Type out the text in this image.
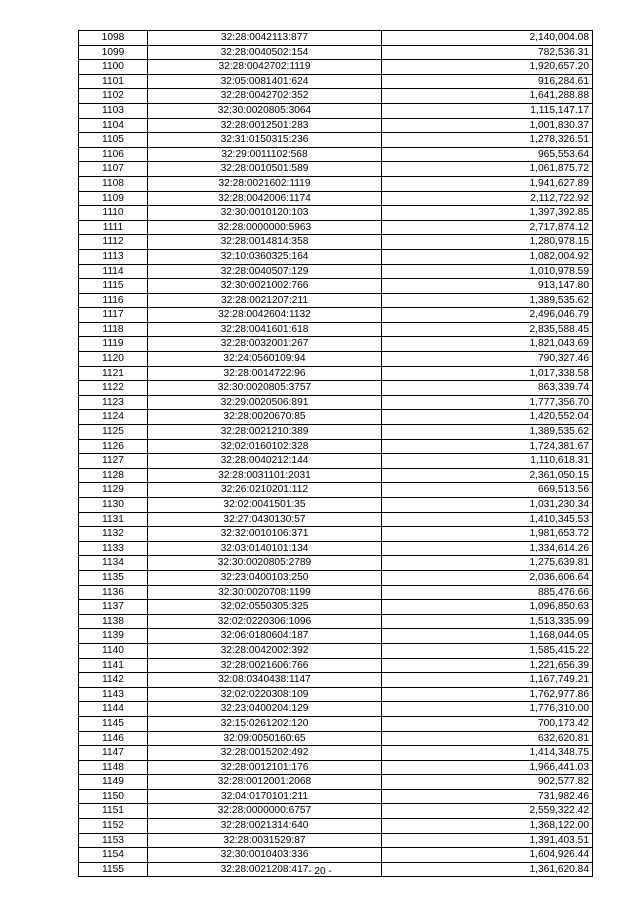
1098	32:28:0042113:877	2,140,004.08
1099	32:28:0040502:154	782,536.31
1100	32:28:0042702:1119	1,920,657.20
1101	32:05:0081401:624	916,284.61
1102	32:28:0042702:352	1,641,288.88
1103	32:30:0020805:3064	1,115,147.17
1104	32:28:0012501:283	1,001,830.37
1105	32:31:0150315:236	1,278,326.51
1106	32:29:0011102:568	965,553.64
1107	32:28:0010501:589	1,061,875.72
1108	32:28:0021602:1119	1,941,627.89
1109	32:28:0042006:1174	2,112,722.92
1110	32:30:0010120:103	1,397,392.85
1111	32:28:0000000:5963	2,717,874.12
1112	32:28:0014814:358	1,280,978.15
1113	32:10:0360325:164	1,082,004.92
1114	32:28:0040507:129	1,010,978.59
1115	32:30:0021002:766	913,147.80
1116	32:28:0021207:211	1,389,535.62
1117	32:28:0042604:1132	2,496,046.79
1118	32:28:0041601:618	2,835,588.45
1119	32:28:0032001:267	1,821,043.69
1120	32:24:0560109:94	790,327.46
1121	32:28:0014722:96	1,017,338.58
1122	32:30:0020805:3757	863,339.74
1123	32:29:0020506:891	1,777,356.70
1124	32:28:0020670:85	1,420,552.04
1125	32:28:0021210:389	1,389,535.62
1126	32:02:0160102:328	1,724,381.67
1127	32:28:0040212:144	1,110,618.31
1128	32:28:0031101:2031	2,361,050.15
1129	32:26:0210201:112	669,513.56
1130	32:02:0041501:35	1,031,230.34
1131	32:27:0430130:57	1,410,345.53
1132	32:32:0010106:371	1,981,653.72
1133	32:03:0140101:134	1,334,614.26
1134	32:30:0020805:2789	1,275,639.81
1135	32:23:0400103:250	2,036,606.64
1136	32:30:0020708:1199	885,476.66
1137	32:02:0550305:325	1,096,850.63
1138	32:02:0220306:1096	1,513,335.99
1139	32:06:0180604:187	1,168,044.05
1140	32:28:0042002:392	1,585,415.22
1141	32:28:0021606:766	1,221,656.39
1142	32:08:0340438:1147	1,167,749.21
1143	32:02:0220308:109	1,762,977.86
1144	32:23:0400204:129	1,776,310.00
1145	32:15:0261202:120	700,173.42
1146	32:09:0050160:65	632,620.81
1147	32:28:0015202:492	1,414,348.75
1148	32:28:0012101:176	1,966,441.03
1149	32:28:0012001:2068	902,577.82
1150	32:04:0170101:211	731,982.46
1151	32:28:0000000:6757	2,559,322.42
1152	32:28:0021314:640	1,368,122.00
1153	32:28:0031529:87	1,391,403.51
1154	32:30:0010403:336	1,604,926.44
1155	32:28:0021208:417	1,361,620.84
- 20 -
